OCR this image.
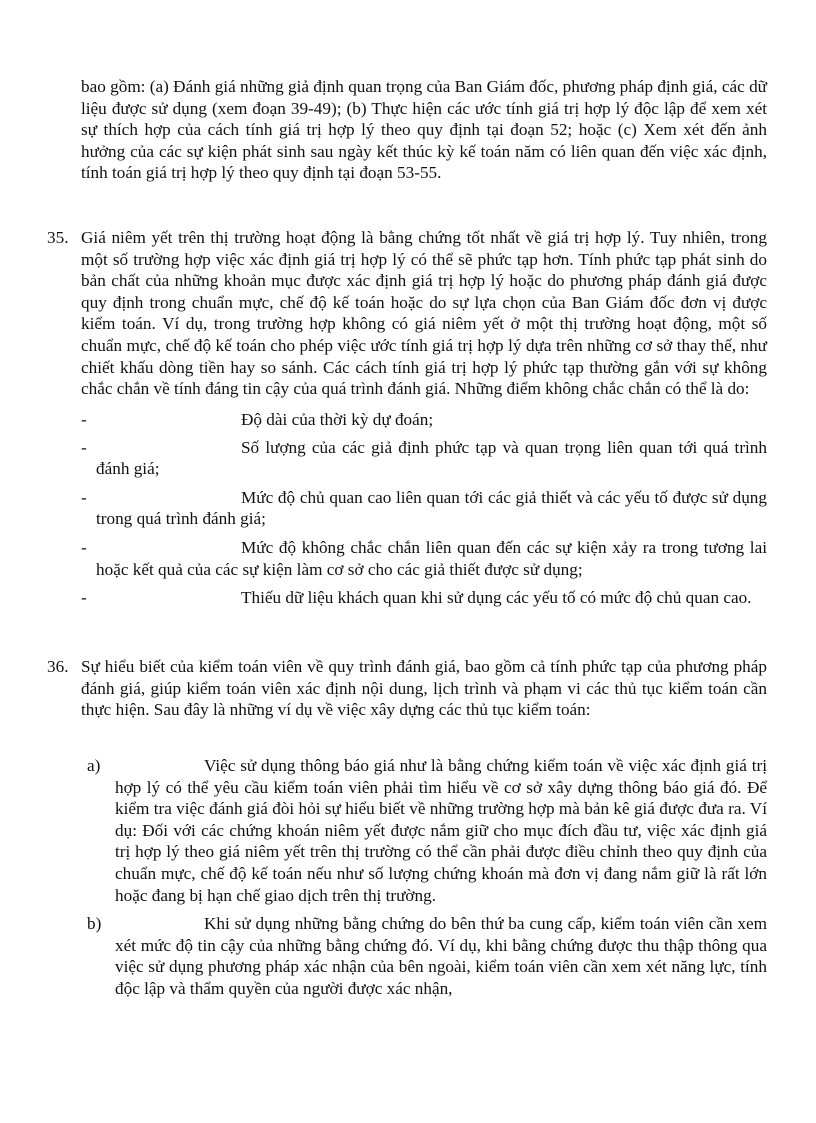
bao gồm: (a) Đánh giá những giả định quan trọng của Ban Giám đốc, phương pháp định giá, các dữ liệu được sử dụng (xem đoạn 39-49); (b) Thực hiện các ước tính giá trị hợp lý độc lập để xem xét sự thích hợp của cách tính giá trị hợp lý theo quy định tại đoạn 52; hoặc (c) Xem xét đến ảnh hưởng của các sự kiện phát sinh sau ngày kết thúc kỳ kế toán năm có liên quan đến việc xác định, tính toán giá trị hợp lý theo quy định tại đoạn 53-55.

35. Giá niêm yết trên thị trường hoạt động là bằng chứng tốt nhất về giá trị hợp lý. Tuy nhiên, trong một số trường hợp việc xác định giá trị hợp lý có thể sẽ phức tạp hơn. Tính phức tạp phát sinh do bản chất của những khoản mục được xác định giá trị hợp lý hoặc do phương pháp đánh giá được quy định trong chuẩn mực, chế độ kế toán hoặc do sự lựa chọn của Ban Giám đốc đơn vị được kiểm toán. Ví dụ, trong trường hợp không có giá niêm yết ở một thị trường hoạt động, một số chuẩn mực, chế độ kế toán cho phép việc ước tính giá trị hợp lý dựa trên những cơ sở thay thế, như chiết khấu dòng tiền hay so sánh. Các cách tính giá trị hợp lý phức tạp thường gắn với sự không chắc chắn về tính đáng tin cậy của quá trình đánh giá. Những điểm không chắc chắn có thể là do:
-	Độ dài của thời kỳ dự đoán;
-	Số lượng của các giả định phức tạp và quan trọng liên quan tới quá trình đánh giá;
-	Mức độ chủ quan cao liên quan tới các giả thiết và các yếu tố được sử dụng trong quá trình đánh giá;
-	Mức độ không chắc chắn liên quan đến các sự kiện xảy ra trong tương lai hoặc kết quả của các sự kiện làm cơ sở cho các giả thiết được sử dụng;
-	Thiếu dữ liệu khách quan khi sử dụng các yếu tố có mức độ chủ quan cao.
36. Sự hiểu biết của kiểm toán viên về quy trình đánh giá, bao gồm cả tính phức tạp của phương pháp đánh giá, giúp kiểm toán viên xác định nội dung, lịch trình và phạm vi các thủ tục kiểm toán cần thực hiện. Sau đây là những ví dụ về việc xây dựng các thủ tục kiểm toán:
a)	Việc sử dụng thông báo giá như là bằng chứng kiểm toán về việc xác định giá trị hợp lý có thể yêu cầu kiểm toán viên phải tìm hiểu về cơ sở xây dựng thông báo giá đó. Để kiểm tra việc đánh giá đòi hỏi sự hiểu biết về những trường hợp mà bản kê giá được đưa ra. Ví dụ: Đối với các chứng khoán niêm yết được nắm giữ cho mục đích đầu tư, việc xác định giá trị hợp lý theo giá niêm yết trên thị trường có thể cần phải được điều chỉnh theo quy định của chuẩn mực, chế độ kế toán nếu như số lượng chứng khoán mà đơn vị đang nắm giữ là rất lớn hoặc đang bị hạn chế giao dịch trên thị trường.
b)	Khi sử dụng những bằng chứng do bên thứ ba cung cấp, kiểm toán viên cần xem xét mức độ tin cậy của những bằng chứng đó. Ví dụ, khi bằng chứng được thu thập thông qua việc sử dụng phương pháp xác nhận của bên ngoài, kiểm toán viên cần xem xét năng lực, tính độc lập và thẩm quyền của người được xác nhận,
